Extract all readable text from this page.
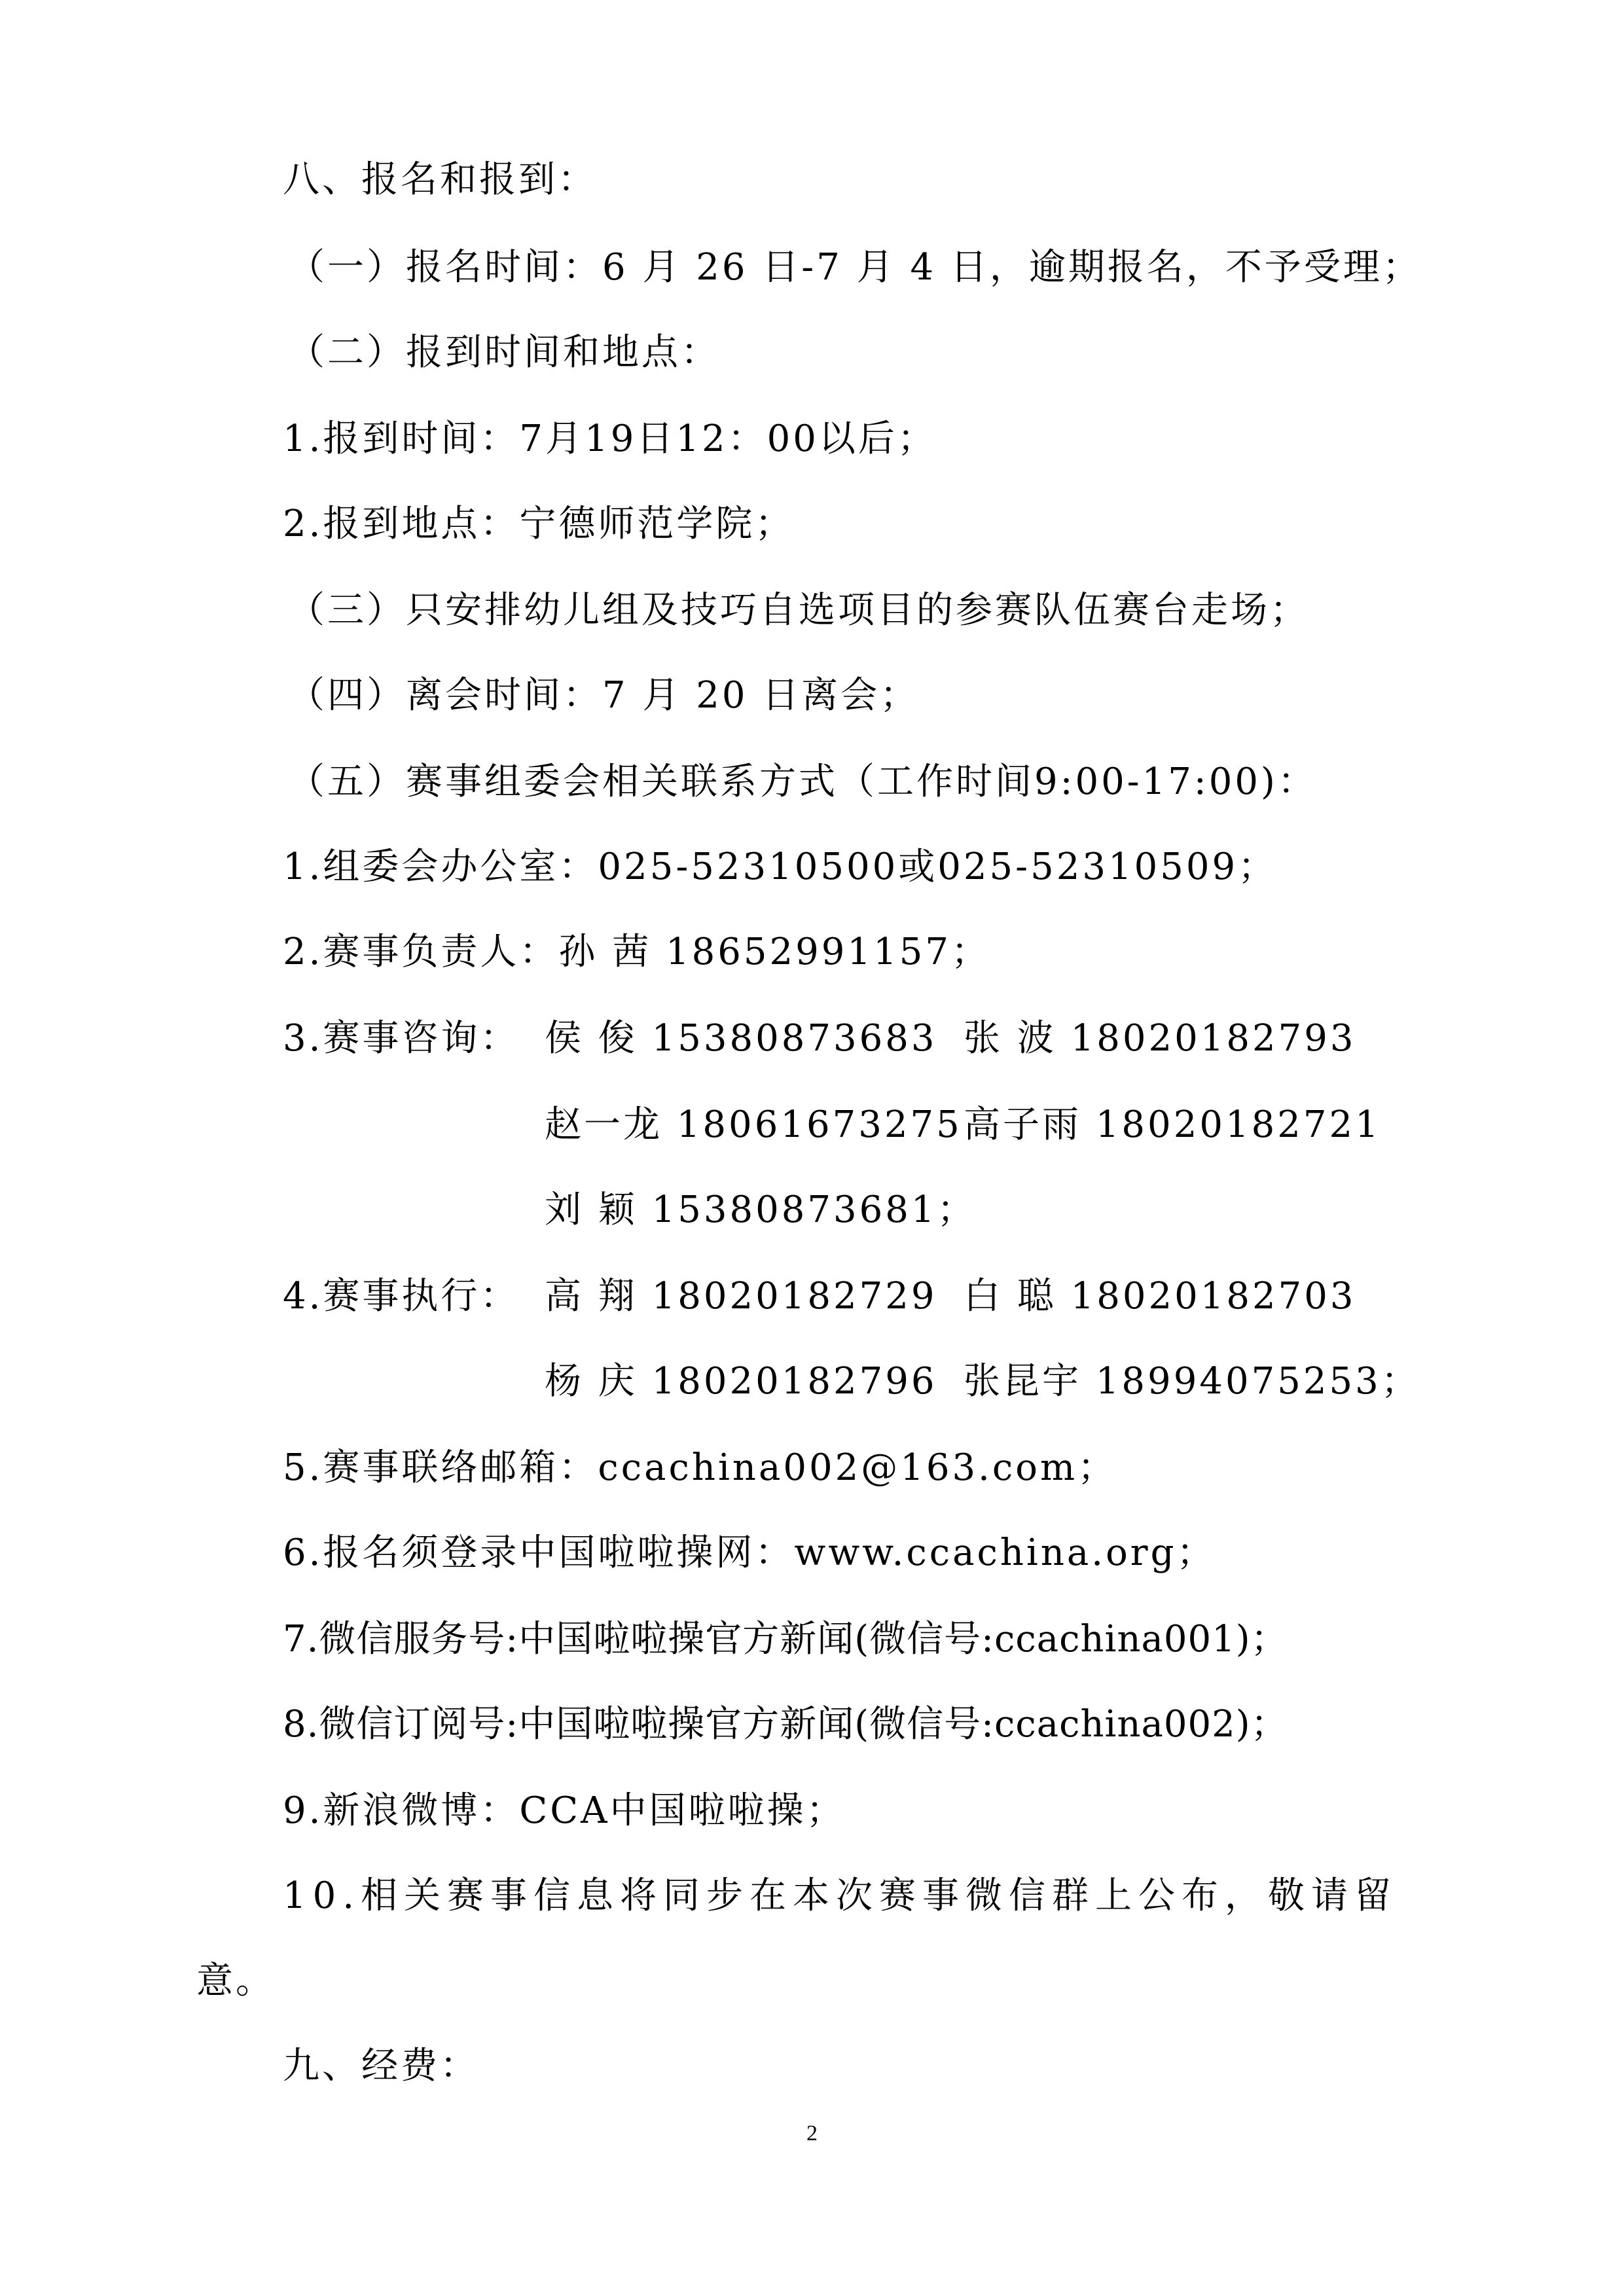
八、报名和报到：
（一）报名时间：6 月 26 日-7 月 4 日，逾期报名，不予受理；
（二）报到时间和地点：
1.报到时间：7月19日12：00以后；
2.报到地点：宁德师范学院；
（三）只安排幼儿组及技巧自选项目的参赛队伍赛台走场；
（四）离会时间：7 月 20 日离会；
（五）赛事组委会相关联系方式（工作时间9:00-17:00)：
1.组委会办公室：025-52310500或025-52310509；
2.赛事负责人：孙 茜 18652991157；
3.赛事咨询： 侯 俊 15380873683 张 波 18020182793
赵一龙 18061673275 高子雨 18020182721
刘 颖 15380873681；
4.赛事执行： 高 翔 18020182729 白 聪 18020182703
杨 庆 18020182796 张昆宇 18994075253；
5.赛事联络邮箱：ccachina002@163.com；
6.报名须登录中国啦啦操网：www.ccachina.org；
7.微信服务号:中国啦啦操官方新闻(微信号:ccachina001)；
8.微信订阅号:中国啦啦操官方新闻(微信号:ccachina002)；
9.新浪微博：CCA中国啦啦操；
10.相关赛事信息将同步在本次赛事微信群上公布，敬请留
意。
九、经费：
2
